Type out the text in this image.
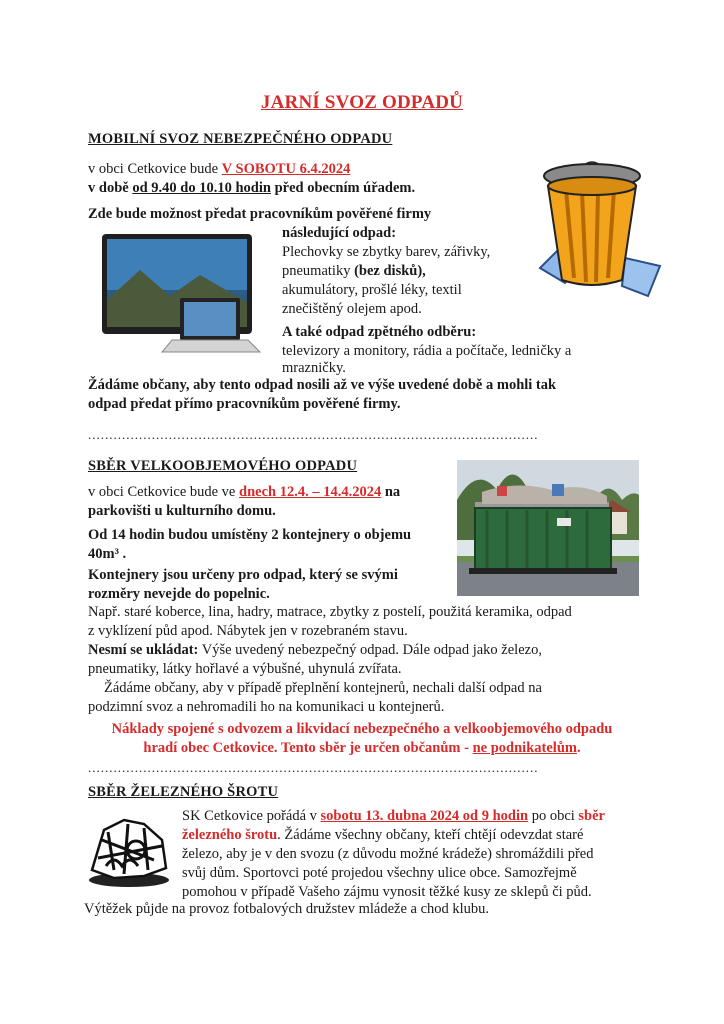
JARNÍ SVOZ ODPADŮ
MOBILNÍ SVOZ NEBEZPEČNÉHO ODPADU
v obci Cetkovice bude V SOBOTU 6.4.2024
v době od 9.40 do 10.10 hodin před obecním úřadem.
Zde bude možnost předat pracovníkům pověřené firmy
následující odpad:
Plechovky se zbytky barev, zářivky,
pneumatiky (bez disků),
akumulátory, prošlé léky, textil
znečištěný olejem apod.
A také odpad zpětného odběru:
televizory a monitory, rádia a počítače, ledničky a
mrazničky.
Žádáme občany, aby tento odpad nosili až ve výše uvedené době a mohli tak
odpad předat přímo pracovníkům pověřené firmy.
..........................................................................................................
SBĚR VELKOOBJEMOVÉHO ODPADU
v obci Cetkovice bude ve dnech 12.4. – 14.4.2024 na
parkovišti u kulturního domu.
Od 14 hodin budou umístěny 2 kontejnery o objemu
40m³ .
Kontejnery jsou určeny pro odpad, který se svými
rozměry nevejde do popelnic.
Např. staré koberce, lina, hadry, matrace, zbytky z postelí, použitá keramika, odpad
z vyklízení půd apod. Nábytek jen v rozebraném stavu.
Nesmí se ukládat: Výše uvedený nebezpečný odpad. Dále odpad jako železo,
pneumatiky, látky hořlavé a výbušné, uhynulá zvířata.
Žádáme občany, aby v případě přeplnění kontejnerů, nechali další odpad na
podzimní svoz a nehromadili ho na komunikaci u kontejnerů.
Náklady spojené s odvozem a likvidací nebezpečného a velkoobjemového odpadu
hradí obec Cetkovice. Tento sběr je určen občanům - ne podnikatelům.
..........................................................................................................
SBĚR ŽELEZNÉHO ŠROTU
SK Cetkovice pořádá v sobotu 13. dubna 2024 od 9 hodin po obci sběr
železného šrotu. Žádáme všechny občany, kteří chtějí odevzdat staré
železo, aby je v den svozu (z důvodu možné krádeže) shromáždili před
svůj dům. Sportovci poté projedou všechny ulice obce. Samozřejmě
pomohou v případě Vašeho zájmu vynosit těžké kusy ze sklepů či půd.
Výtěžek půjde na provoz fotbalových družstev mládeže a chod klubu.
